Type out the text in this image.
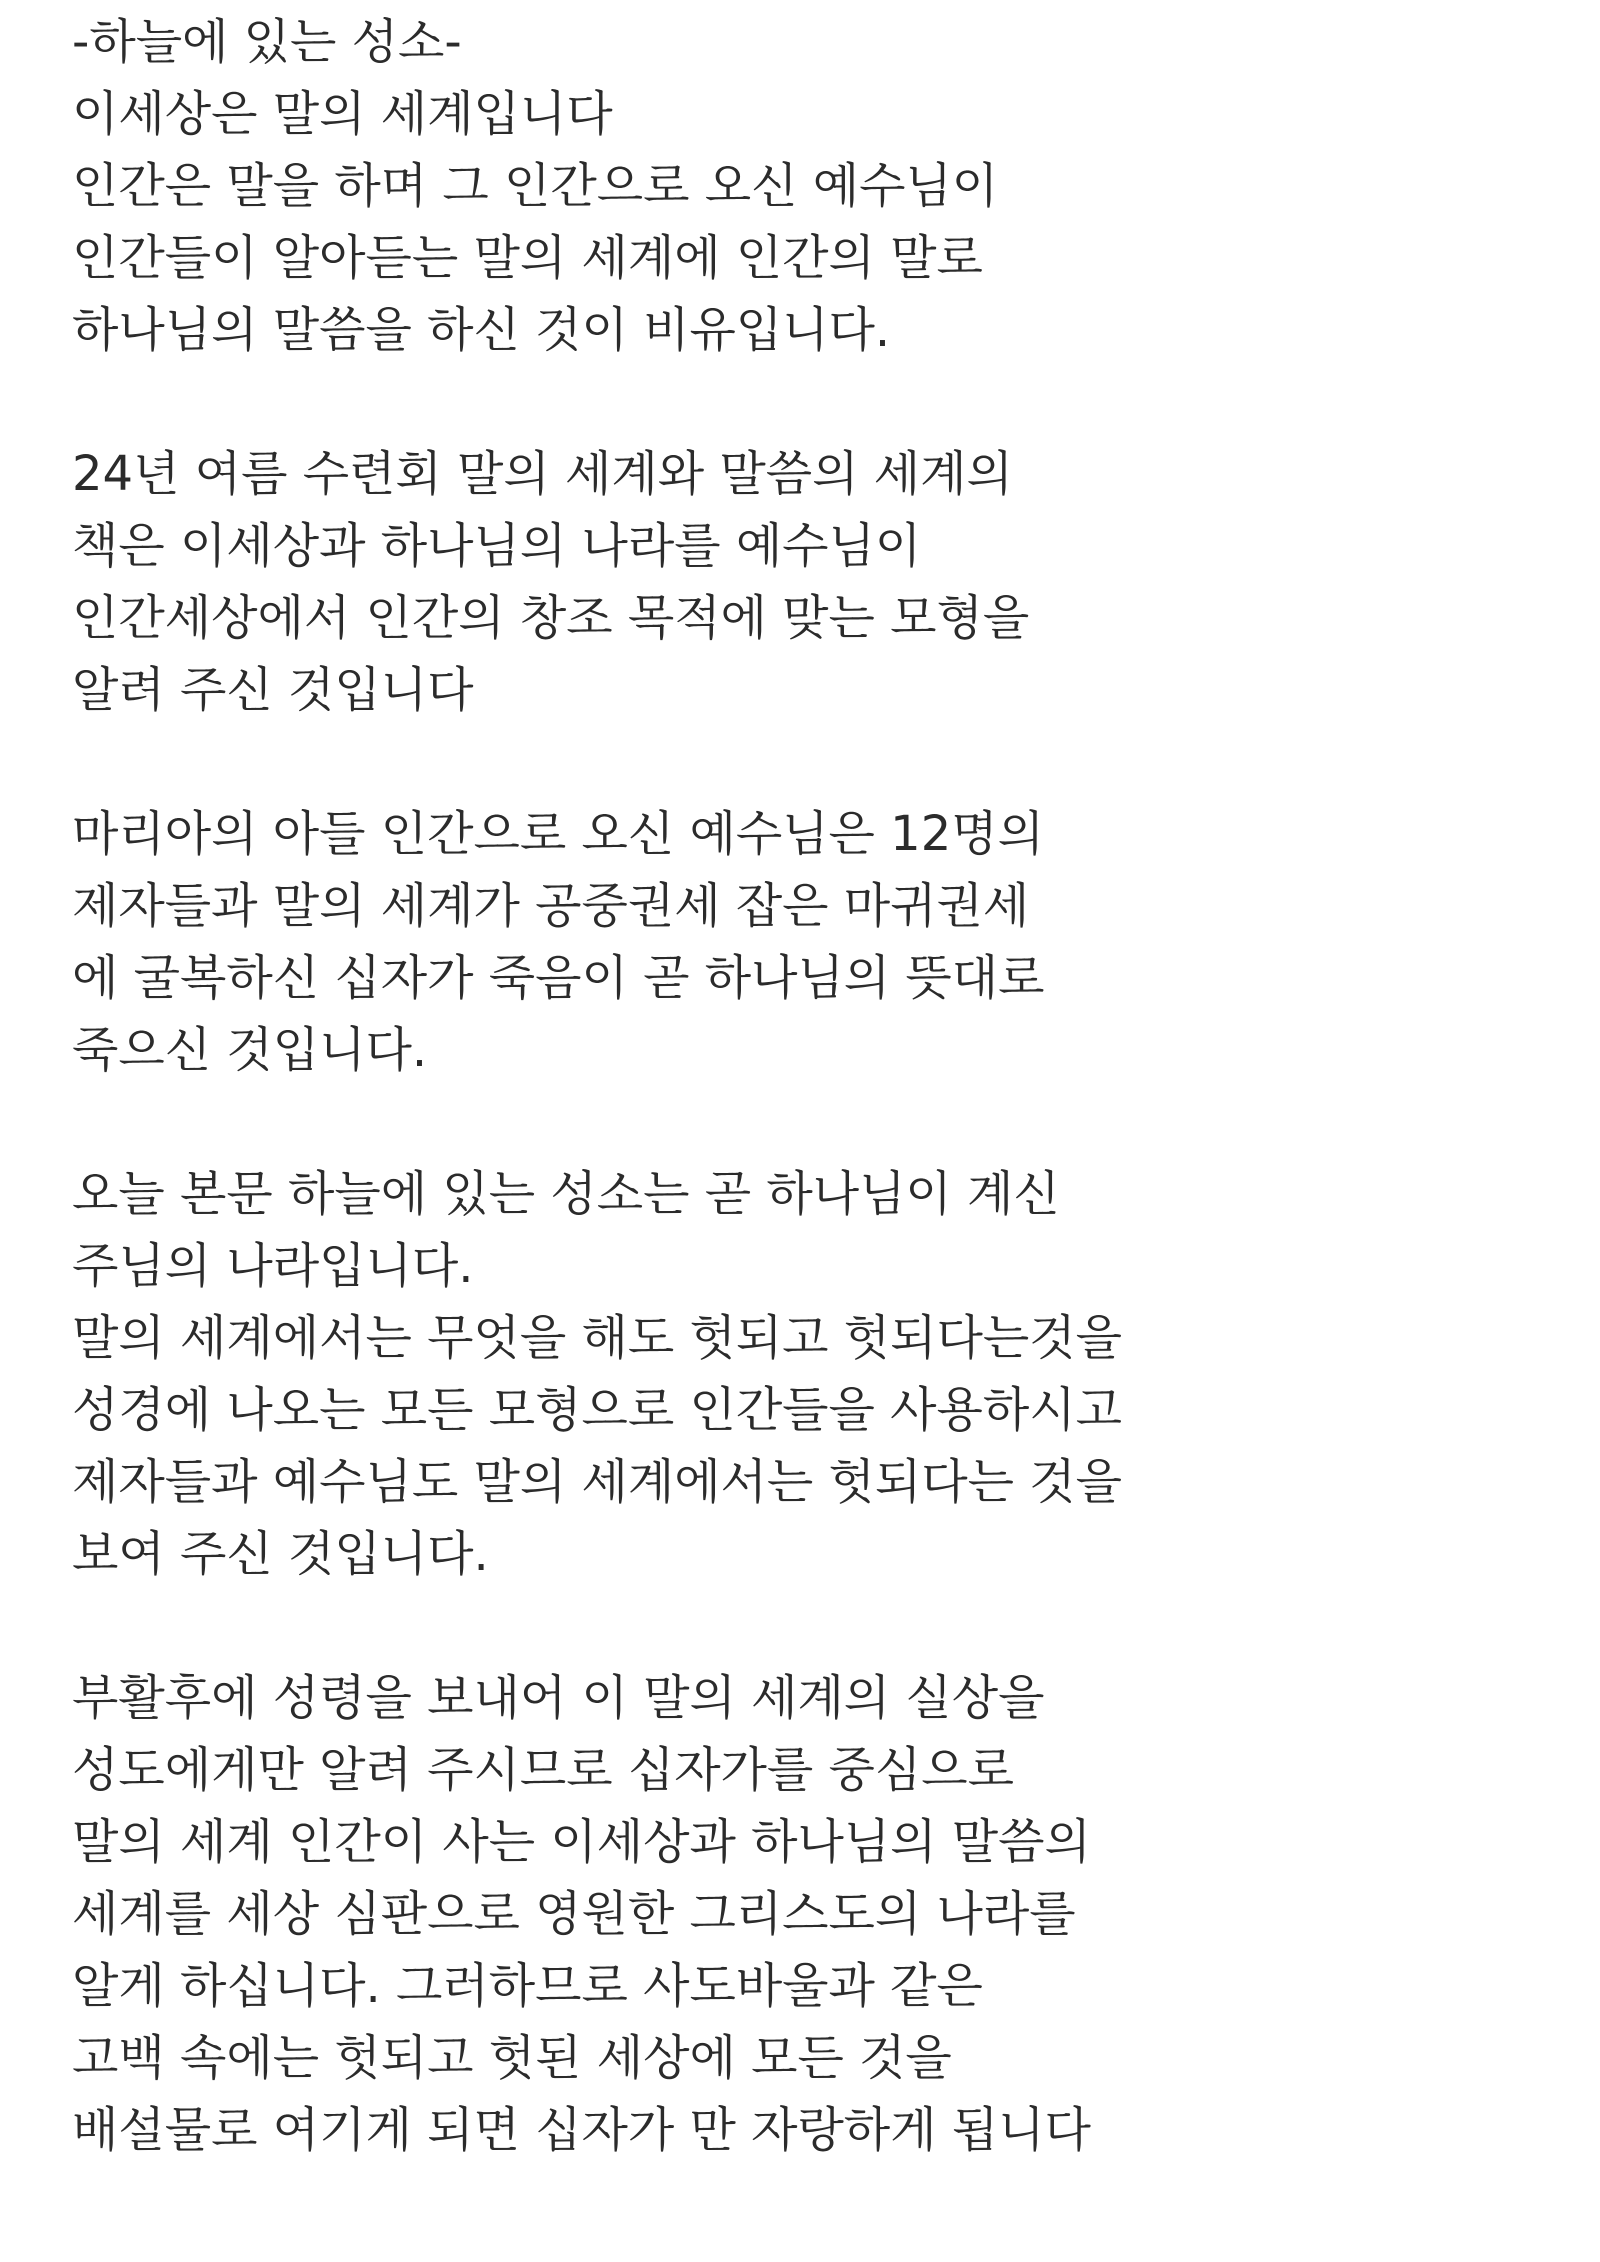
-하늘에 있는 성소-
이세상은 말의 세계입니다
인간은 말을 하며 그 인간으로 오신 예수님이
인간들이 알아듣는 말의 세계에 인간의 말로
하나님의 말씀을 하신 것이 비유입니다.
24년 여름 수련회 말의 세계와 말씀의 세계의
책은 이세상과 하나님의 나라를 예수님이
인간세상에서 인간의 창조 목적에 맞는 모형을
알려 주신 것입니다
마리아의 아들 인간으로 오신 예수님은 12명의
제자들과 말의 세계가 공중권세 잡은 마귀권세
에 굴복하신 십자가 죽음이 곧 하나님의 뜻대로
죽으신 것입니다.
오늘 본문 하늘에 있는 성소는 곧 하나님이 계신
주님의 나라입니다.
말의 세계에서는 무엇을 해도 헛되고 헛되다는것을
성경에 나오는 모든 모형으로 인간들을 사용하시고
제자들과 예수님도 말의 세계에서는 헛되다는 것을
보여 주신 것입니다.
부활후에 성령을 보내어 이 말의 세계의 실상을
성도에게만 알려 주시므로 십자가를 중심으로
말의 세계 인간이 사는 이세상과 하나님의 말씀의
세계를 세상 심판으로 영원한 그리스도의 나라를
알게 하십니다. 그러하므로 사도바울과 같은
고백 속에는 헛되고 헛된 세상에 모든 것을
배설물로 여기게 되면 십자가 만 자랑하게 됩니다
